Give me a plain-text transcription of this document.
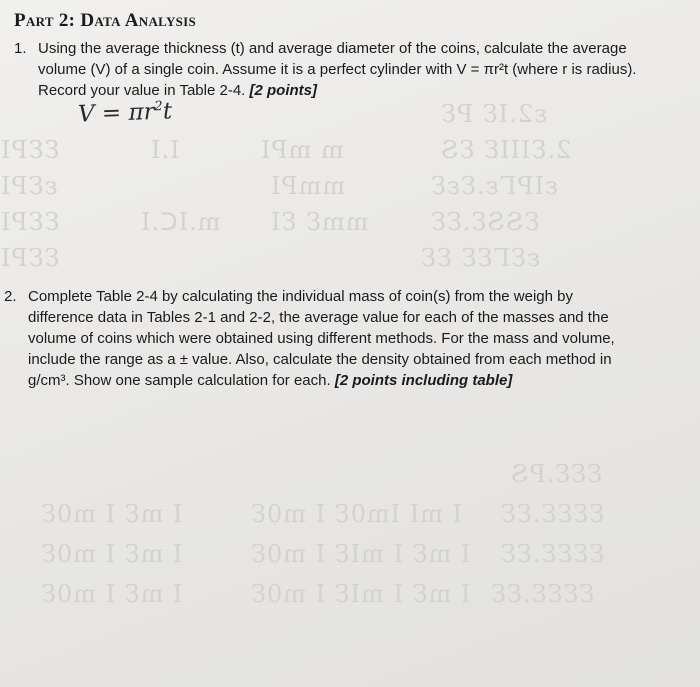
ԑ2.IԐ PԐ
2.ԐIIIԐ ԐՏ
ԑIPΓԑ.ԐԑԐ
ԐՏՏԐ.ԐԐ
ԑԐΓԐԐ ԐԐ
m mPI
mmPI
mmԐ ԐI
I.I
m.Iᑕ.I
ԐԐPI
ԑԐPI
ԐԐPI
ԐԐPI
ԐԐԐ.PՏ
ԐԐԐԐ.ԐԐ
ԐԐԐԐ.ԐԐ
ԐԐԐԐ.ԐԐ
I mԐ I m0Ԑ
I mԐ I m0Ԑ
I mԐ I m0Ԑ
I mI Im0Ԑ I m0Ԑ
I mԐ I mIԐ I m0Ԑ
I mԐ I mIԐ I m0Ԑ
Part 2: Data Analysis
1. Using the average thickness (t) and average diameter of the coins, calculate the average
volume (V) of a single coin. Assume it is a perfect cylinder with V = πr²t (where r is radius).
Record your value in Table 2-4. [2 points]
$V = \pi r^2t$
2. Complete Table 2-4 by calculating the individual mass of coin(s) from the weigh by
difference data in Tables 2-1 and 2-2, the average value for each of the masses and the
volume of coins which were obtained using different methods. For the mass and volume,
include the range as a ± value. Also, calculate the density obtained from each method in
g/cm³. Show one sample calculation for each. [2 points including table]
